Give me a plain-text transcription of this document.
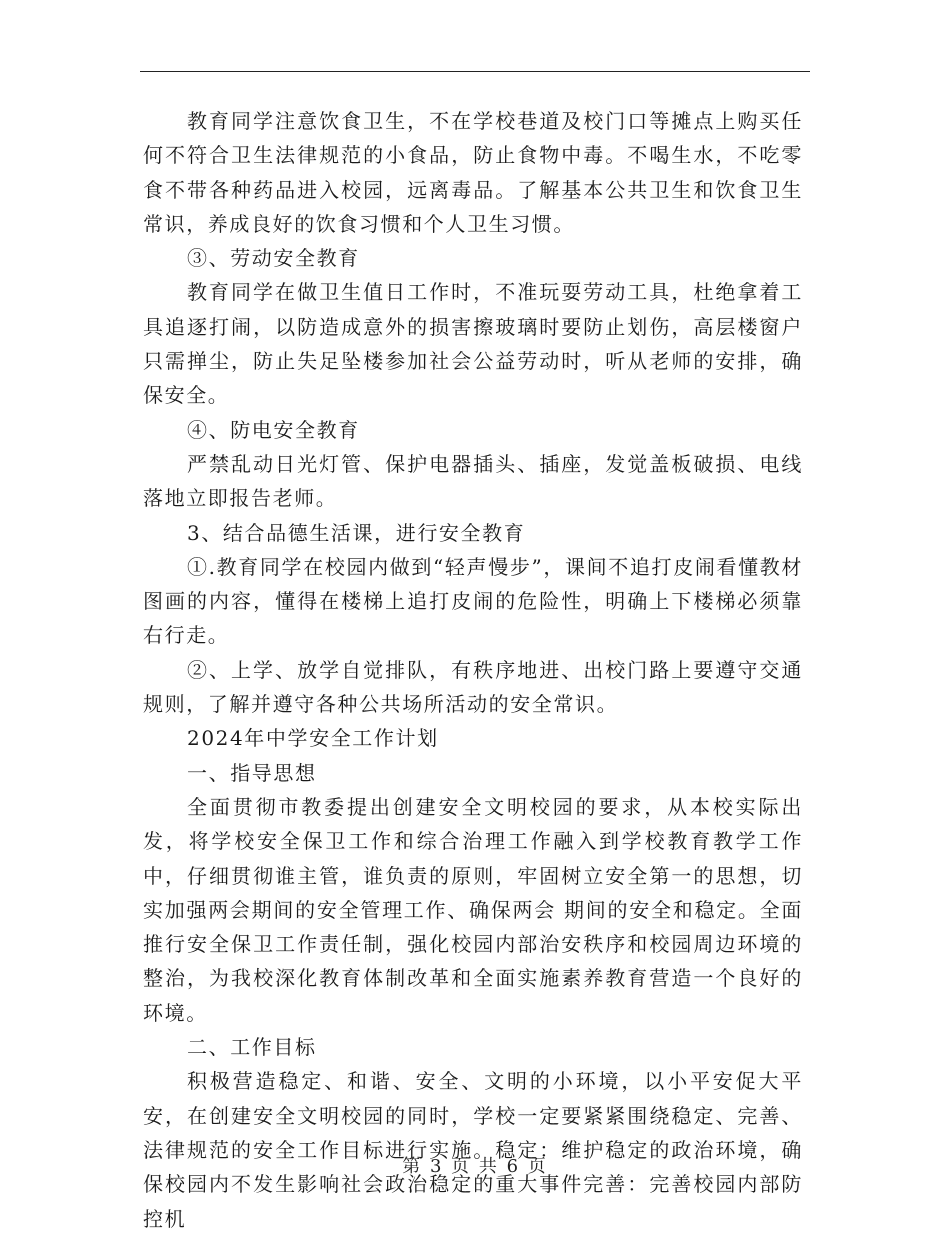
教育同学注意饮食卫生，不在学校巷道及校门口等摊点上购买任何不符合卫生法律规范的小食品，防止食物中毒。不喝生水，不吃零食不带各种药品进入校园，远离毒品。了解基本公共卫生和饮食卫生常识，养成良好的饮食习惯和个人卫生习惯。

③、劳动安全教育

教育同学在做卫生值日工作时，不准玩耍劳动工具，杜绝拿着工具追逐打闹，以防造成意外的损害擦玻璃时要防止划伤，高层楼窗户只需掸尘，防止失足坠楼参加社会公益劳动时，听从老师的安排，确保安全。

④、防电安全教育

严禁乱动日光灯管、保护电器插头、插座，发觉盖板破损、电线落地立即报告老师。

3、结合品德生活课，进行安全教育

①.教育同学在校园内做到“轻声慢步”，课间不追打皮闹看懂教材图画的内容，懂得在楼梯上追打皮闹的危险性，明确上下楼梯必须靠右行走。

②、上学、放学自觉排队，有秩序地进、出校门路上要遵守交通规则，了解并遵守各种公共场所活动的安全常识。

2024年中学安全工作计划

一、指导思想

全面贯彻市教委提出创建安全文明校园的要求，从本校实际出发，将学校安全保卫工作和综合治理工作融入到学校教育教学工作中，仔细贯彻谁主管，谁负责的原则，牢固树立安全第一的思想，切实加强两会期间的安全管理工作、确保两会 期间的安全和稳定。全面推行安全保卫工作责任制，强化校园内部治安秩序和校园周边环境的整治，为我校深化教育体制改革和全面实施素养教育营造一个良好的环境。

二、工作目标

积极营造稳定、和谐、安全、文明的小环境，以小平安促大平安，在创建安全文明校园的同时，学校一定要紧紧围绕稳定、完善、法律规范的安全工作目标进行实施。稳定：维护稳定的政治环境，确保校园内不发生影响社会政治稳定的重大事件完善：完善校园内部防控机

第 3 页 共 6 页
